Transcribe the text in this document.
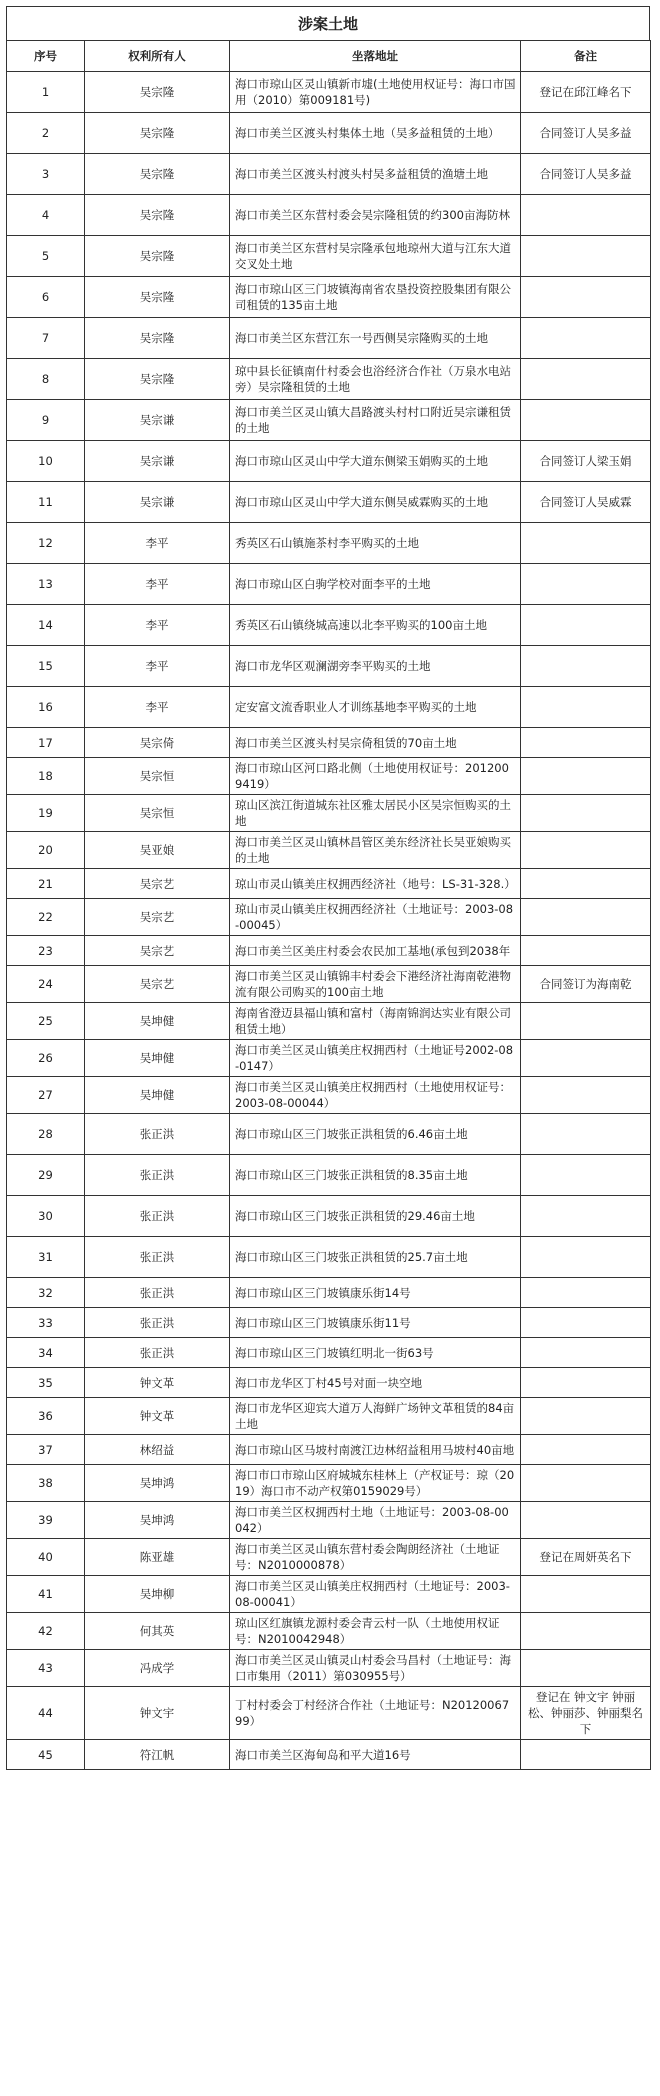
涉案土地
序号	权利所有人	坐落地址	备注
1	吴宗隆	海口市琼山区灵山镇新市墟(土地使用权证号：海口市国用（2010）第009181号)	登记在邱江峰名下
2	吴宗隆	海口市美兰区渡头村集体土地（吴多益租赁的土地）	合同签订人吴多益
3	吴宗隆	海口市美兰区渡头村渡头村吴多益租赁的渔塘土地	合同签订人吴多益
4	吴宗隆	海口市美兰区东营村委会吴宗隆租赁的约300亩海防林	
5	吴宗隆	海口市美兰区东营村吴宗隆承包地琼州大道与江东大道交叉处土地	
6	吴宗隆	海口市琼山区三门坡镇海南省农垦投资控股集团有限公司租赁的135亩土地	
7	吴宗隆	海口市美兰区东营江东一号西侧吴宗隆购买的土地	
8	吴宗隆	琼中县长征镇南什村委会也浴经济合作社（万泉水电站旁）吴宗隆租赁的土地	
9	吴宗谦	海口市美兰区灵山镇大昌路渡头村村口附近吴宗谦租赁的土地	
10	吴宗谦	海口市琼山区灵山中学大道东侧梁玉娟购买的土地	合同签订人梁玉娟
11	吴宗谦	海口市琼山区灵山中学大道东侧吴威霖购买的土地	合同签订人吴威霖
12	李平	秀英区石山镇施茶村李平购买的土地	
13	李平	海口市琼山区白驹学校对面李平的土地	
14	李平	秀英区石山镇绕城高速以北李平购买的100亩土地	
15	李平	海口市龙华区观澜湖旁李平购买的土地	
16	李平	定安富文流香职业人才训练基地李平购买的土地	
17	吴宗倚	海口市美兰区渡头村吴宗倚租赁的70亩土地	
18	吴宗恒	海口市琼山区河口路北侧（土地使用权证号：2012009419）	
19	吴宗恒	琼山区滨江街道城东社区雅太居民小区吴宗恒购买的土地	
20	吴亚娘	海口市美兰区灵山镇林昌管区美东经济社长吴亚娘购买的土地	
21	吴宗艺	琼山市灵山镇美庄权拥西经济社（地号：LS-31-328.）	
22	吴宗艺	琼山市灵山镇美庄权拥西经济社（土地证号：2003-08-00045）	
23	吴宗艺	海口市美兰区美庄村委会农民加工基地(承包到2038年	
24	吴宗艺	海口市美兰区灵山镇锦丰村委会下港经济社海南乾港物流有限公司购买的100亩土地	合同签订为海南乾
25	吴坤健	海南省澄迈县福山镇和富村（海南锦润达实业有限公司租赁土地）	
26	吴坤健	海口市美兰区灵山镇美庄权拥西村（土地证号2002-08-0147）	
27	吴坤健	海口市美兰区灵山镇美庄权拥西村（土地使用权证号：2003-08-00044）	
28	张正洪	海口市琼山区三门坡张正洪租赁的6.46亩土地	
29	张正洪	海口市琼山区三门坡张正洪租赁的8.35亩土地	
30	张正洪	海口市琼山区三门坡张正洪租赁的29.46亩土地	
31	张正洪	海口市琼山区三门坡张正洪租赁的25.7亩土地	
32	张正洪	海口市琼山区三门坡镇康乐街14号	
33	张正洪	海口市琼山区三门坡镇康乐街11号	
34	张正洪	海口市琼山区三门坡镇红明北一街63号	
35	钟文革	海口市龙华区丁村45号对面一块空地	
36	钟文革	海口市龙华区迎宾大道万人海鲜广场钟文革租赁的84亩土地	
37	林绍益	海口市琼山区马坡村南渡江边林绍益租用马坡村40亩地	
38	吴坤鸿	海口市口市琼山区府城城东桂林上（产权证号：琼（2019）海口市不动产权第0159029号）	
39	吴坤鸿	海口市美兰区权拥西村土地（土地证号：2003-08-00042）	
40	陈亚雄	海口市美兰区灵山镇东营村委会陶朗经济社（土地证号：N2010000878）	登记在周妍英名下
41	吴坤柳	海口市美兰区灵山镇美庄权拥西村（土地证号：2003-08-00041）	
42	何其英	琼山区红旗镇龙源村委会青云村一队（土地使用权证号：N2010042948）	
43	冯成学	海口市美兰区灵山镇灵山村委会马昌村（土地证号：海口市集用（2011）第030955号）	
44	钟文宇	丁村村委会丁村经济合作社（土地证号：N2012006799）	登记在 钟文宇 钟丽松、钟丽莎、钟丽梨名下
45	符江帆	海口市美兰区海甸岛和平大道16号	
